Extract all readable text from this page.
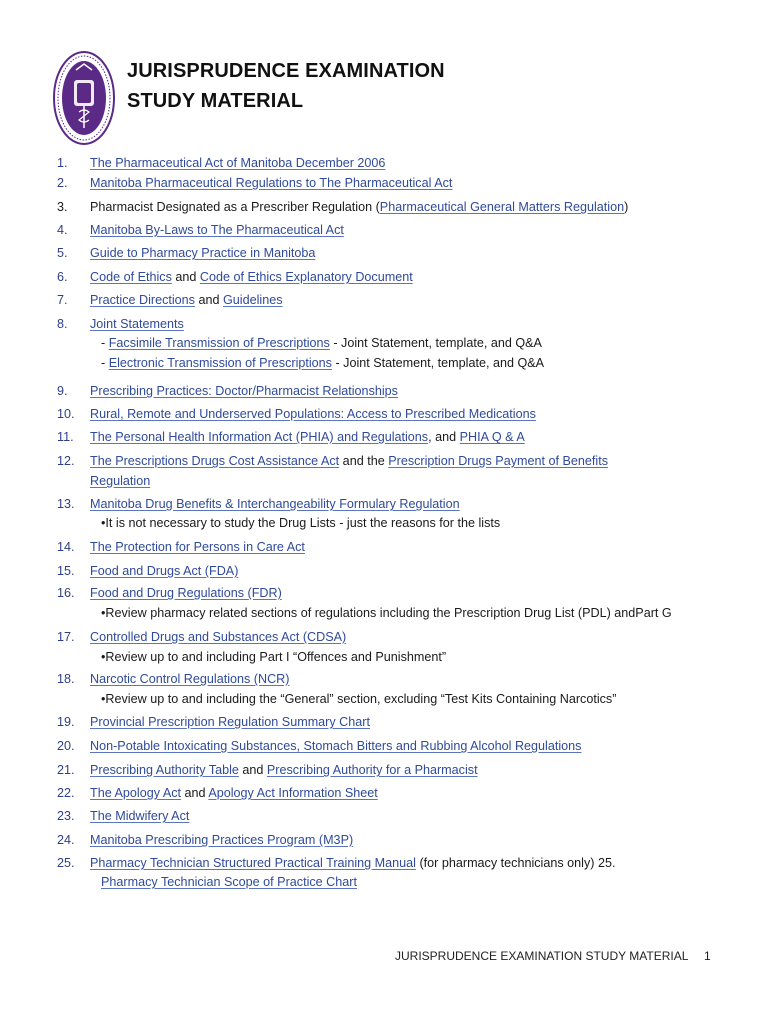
JURISPRUDENCE EXAMINATION
STUDY MATERIAL
1.	The Pharmaceutical Act of Manitoba December 2006
2.	Manitoba Pharmaceutical Regulations to The Pharmaceutical Act
3.	Pharmacist Designated as a Prescriber Regulation (Pharmaceutical General Matters Regulation)
4.	Manitoba By-Laws to The Pharmaceutical Act
5.	Guide to Pharmacy Practice in Manitoba
6.	Code of Ethics and Code of Ethics Explanatory Document
7.	Practice Directions and Guidelines
8.	Joint Statements
- Facsimile Transmission of Prescriptions - Joint Statement, template, and Q&A
- Electronic Transmission of Prescriptions - Joint Statement, template, and Q&A
9.	Prescribing Practices: Doctor/Pharmacist Relationships
10.	Rural, Remote and Underserved Populations: Access to Prescribed Medications
11.	The Personal Health Information Act (PHIA) and Regulations, and PHIA Q & A
12.	The Prescriptions Drugs Cost Assistance Act and the Prescription Drugs Payment of Benefits
Regulation
13.	Manitoba Drug Benefits & Interchangeability Formulary Regulation
•It is not necessary to study the Drug Lists - just the reasons for the lists
14.	The Protection for Persons in Care Act
15.	Food and Drugs Act (FDA)
16.	Food and Drug Regulations (FDR)
•Review pharmacy related sections of regulations including the Prescription Drug List (PDL) andPart G
17.	Controlled Drugs and Substances Act (CDSA)
•Review up to and including Part I “Offences and Punishment”
18.	Narcotic Control Regulations (NCR)
•Review up to and including the “General” section, excluding “Test Kits Containing Narcotics”
19.	Provincial Prescription Regulation Summary Chart
20.	Non-Potable Intoxicating Substances, Stomach Bitters and Rubbing Alcohol Regulations
21.	Prescribing Authority Table and Prescribing Authority for a Pharmacist
22.	The Apology Act and Apology Act Information Sheet
23.	The Midwifery Act
24.	Manitoba Prescribing Practices Program (M3P)
25.	Pharmacy Technician Structured Practical Training Manual (for pharmacy technicians only) 25.
Pharmacy Technician Scope of Practice Chart
JURISPRUDENCE EXAMINATION STUDY MATERIAL 1
